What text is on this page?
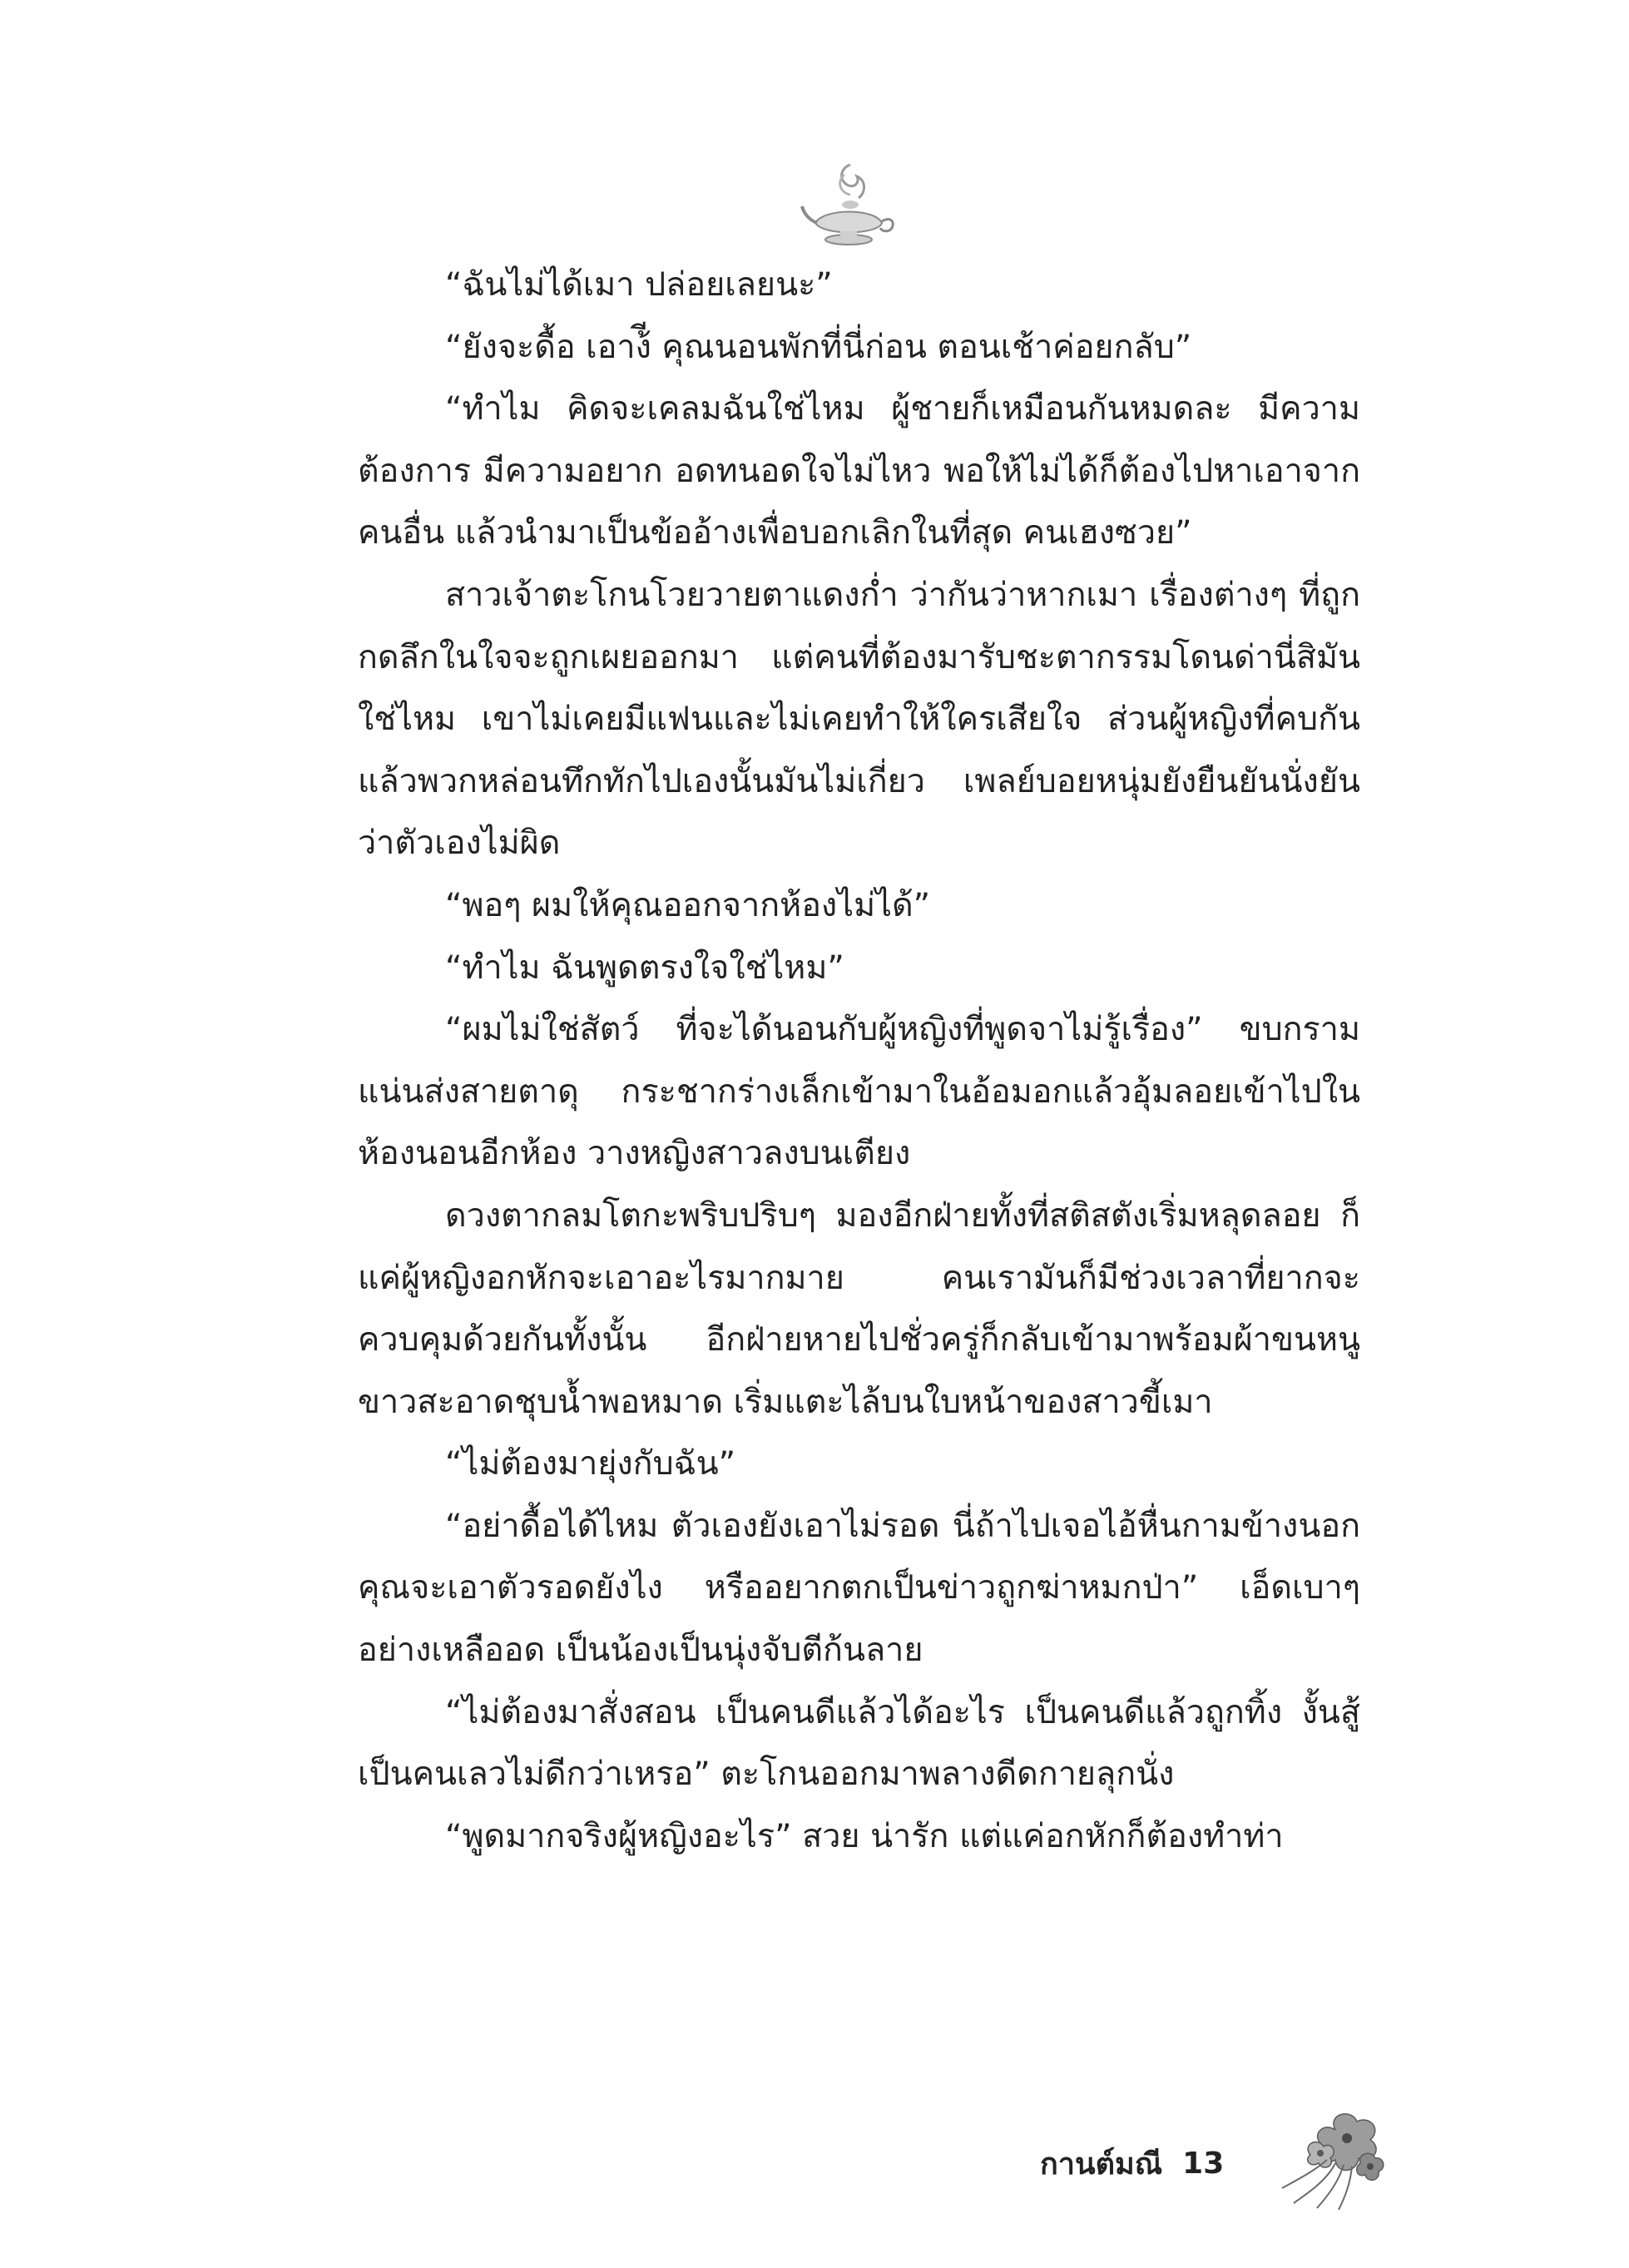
“ฉันไม่ได้เมา ปล่อยเลยนะ”

“ยังจะดื้อ เอาง้ี คุณนอนพักที่นี่ก่อน ตอนเช้าค่อยกลับ”

“ทำไม คิดจะเคลมฉันใช่ไหม ผู้ชายก็เหมือนกันหมดละ มีความต้องการ มีความอยาก อดทนอดใจไม่ไหว พอให้ไม่ได้ก็ต้องไปหาเอาจากคนอื่น แล้วนำมาเป็นข้ออ้างเพื่อบอกเลิกในที่สุด คนเฮงซวย”

สาวเจ้าตะโกนโวยวายตาแดงก่ำ ว่ากันว่าหากเมา เรื่องต่างๆ ที่ถูกกดลึกในใจจะถูกเผยออกมา แต่คนที่ต้องมารับชะตากรรมโดนด่านี่สิมันใช่ไหม เขาไม่เคยมีแฟนและไม่เคยทำให้ใครเสียใจ ส่วนผู้หญิงที่คบกันแล้วพวกหล่อนทึกทักไปเองนั้นมันไม่เกี่ยว เพลย์บอยหนุ่มยังยืนยันนั่งยันว่าตัวเองไม่ผิด

“พอๆ ผมให้คุณออกจากห้องไม่ได้”

“ทำไม ฉันพูดตรงใจใช่ไหม”

“ผมไม่ใช่สัตว์ ที่จะได้นอนกับผู้หญิงที่พูดจาไม่รู้เรื่อง” ขบกรามแน่นส่งสายตาดุ กระชากร่างเล็กเข้ามาในอ้อมอกแล้วอุ้มลอยเข้าไปในห้องนอนอีกห้อง วางหญิงสาวลงบนเตียง

ดวงตากลมโตกะพริบปริบๆ มองอีกฝ่ายทั้งที่สติสตังเริ่มหลุดลอย ก็แค่ผู้หญิงอกหักจะเอาอะไรมากมาย คนเรามันก็มีช่วงเวลาที่ยากจะควบคุมด้วยกันทั้งนั้น อีกฝ่ายหายไปชั่วครู่ก็กลับเข้ามาพร้อมผ้าขนหนูขาวสะอาดชุบน้ำพอหมาด เริ่มแตะไล้บนใบหน้าของสาวขี้เมา

“ไม่ต้องมายุ่งกับฉัน”

“อย่าดื้อได้ไหม ตัวเองยังเอาไม่รอด นี่ถ้าไปเจอไอ้หื่นกามข้างนอก คุณจะเอาตัวรอดยังไง หรืออยากตกเป็นข่าวถูกฆ่าหมกป่า” เอ็ดเบาๆ อย่างเหลืออด เป็นน้องเป็นนุ่งจับตีก้นลาย

“ไม่ต้องมาสั่งสอน เป็นคนดีแล้วได้อะไร เป็นคนดีแล้วถูกทิ้ง งั้นสู้เป็นคนเลวไม่ดีกว่าเหรอ” ตะโกนออกมาพลางดีดกายลุกนั่ง

“พูดมากจริงผู้หญิงอะไร” สวย น่ารัก แต่แค่อกหักก็ต้องทำท่า

กานต์มณี 13
